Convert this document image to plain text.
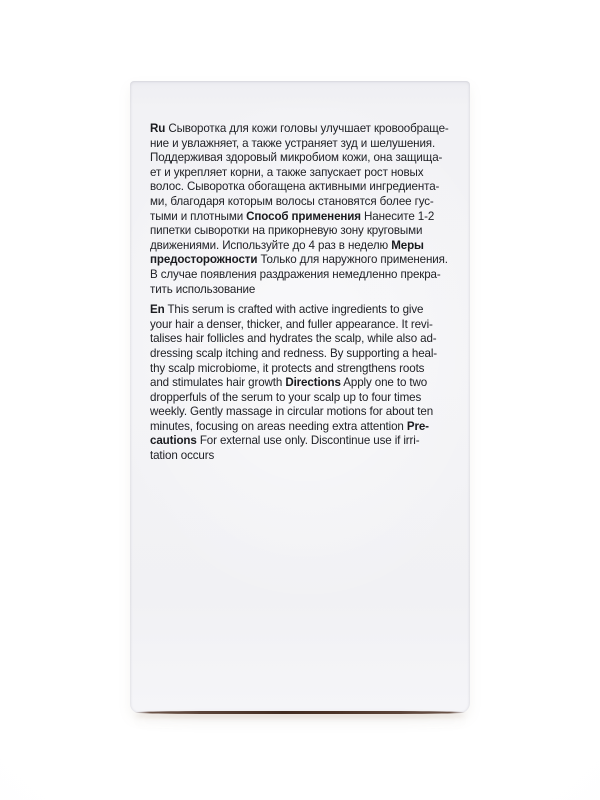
Ru Сыворотка для кожи головы улучшает кровообраще-
ние и увлажняет, а также устраняет зуд и шелушения.
Поддерживая здоровый микробиом кожи, она защища-
ет и укрепляет корни, а также запускает рост новых
волос. Сыворотка обогащена активными ингредиента-
ми, благодаря которым волосы становятся более гус-
тыми и плотными Способ применения Нанесите 1-2
пипетки сыворотки на прикорневую зону круговыми
движениями. Используйте до 4 раз в неделю Меры
предосторожности Только для наружного применения.
В случае появления раздражения немедленно прекра-
тить использование
En This serum is crafted with active ingredients to give
your hair a denser, thicker, and fuller appearance. It revi-
talises hair follicles and hydrates the scalp, while also ad-
dressing scalp itching and redness. By supporting a heal-
thy scalp microbiome, it protects and strengthens roots
and stimulates hair growth Directions Apply one to two
dropperfuls of the serum to your scalp up to four times
weekly. Gently massage in circular motions for about ten
minutes, focusing on areas needing extra attention Pre-
cautions For external use only. Discontinue use if irri-
tation occurs
